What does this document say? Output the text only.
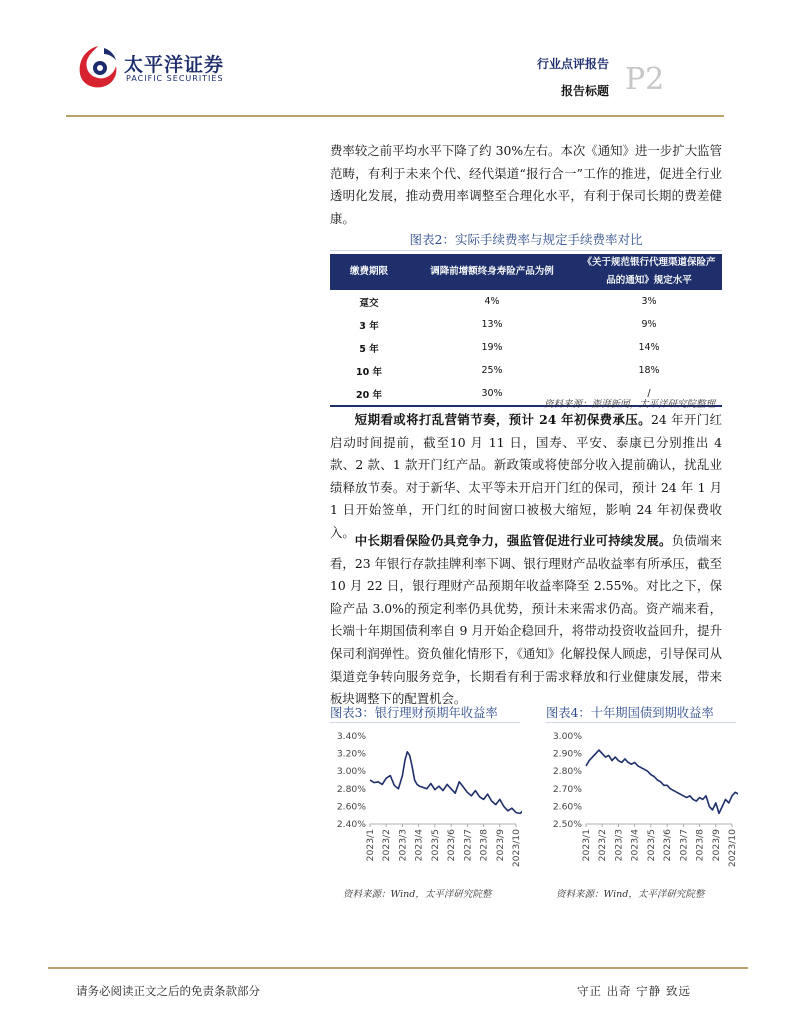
太平洋证券
PACIFIC SECURITIES
行业点评报告
报告标题 P2
费率较之前平均水平下降了约 30%左右。本次《通知》进一步扩大监管范畴，有利于未来个代、经代渠道“报行合一”工作的推进，促进全行业透明化发展，推动费用率调整至合理化水平，有利于保司长期的费差健康。
图表2：实际手续费率与规定手续费率对比
缴费期限	调降前增额终身寿险产品为例	《关于规范银行代理渠道保险产品的通知》规定水平
趸交	4%	3%
3 年	13%	9%
5 年	19%	14%
10 年	25%	18%
20 年	30%	/
资料来源：澎湃新闻，太平洋研究院整理
短期看或将打乱营销节奏，预计 24 年初保费承压。24 年开门红启动时间提前，截至10 月 11 日，国寿、平安、泰康已分别推出 4 款、2 款、1 款开门红产品。新政策或将使部分收入提前确认，扰乱业绩释放节奏。对于新华、太平等未开启开门红的保司，预计 24 年 1 月 1 日开始签单，开门红的时间窗口被极大缩短，影响 24 年初保费收入。
中长期看保险仍具竞争力，强监管促进行业可持续发展。负债端来看，23 年银行存款挂牌利率下调、银行理财产品收益率有所承压，截至10 月 22 日，银行理财产品预期年收益率降至 2.55%。对比之下，保险产品 3.0%的预定利率仍具优势，预计未来需求仍高。资产端来看，长端十年期国债利率自 9 月开始企稳回升，将带动投资收益回升，提升保司利润弹性。资负催化情形下，《通知》化解投保人顾虑，引导保司从渠道竞争转向服务竞争，长期看有利于需求释放和行业健康发展，带来板块调整下的配置机会。
图表3：银行理财预期年收益率
3.40%
3.20%
3.00%
2.80%
2.60%
2.40%
2023/1 2023/2 2023/3 2023/4 2023/5 2023/6 2023/7 2023/8 2023/9 2023/10
资料来源：Wind，太平洋研究院整
图表4：十年期国债到期收益率
3.00%
2.90%
2.80%
2.70%
2.60%
2.50%
2023/1 2023/2 2023/3 2023/4 2023/5 2023/6 2023/7 2023/8 2023/9 2023/10
资料来源：Wind，太平洋研究院整
请务必阅读正文之后的免责条款部分	守正 出奇 宁静 致远
